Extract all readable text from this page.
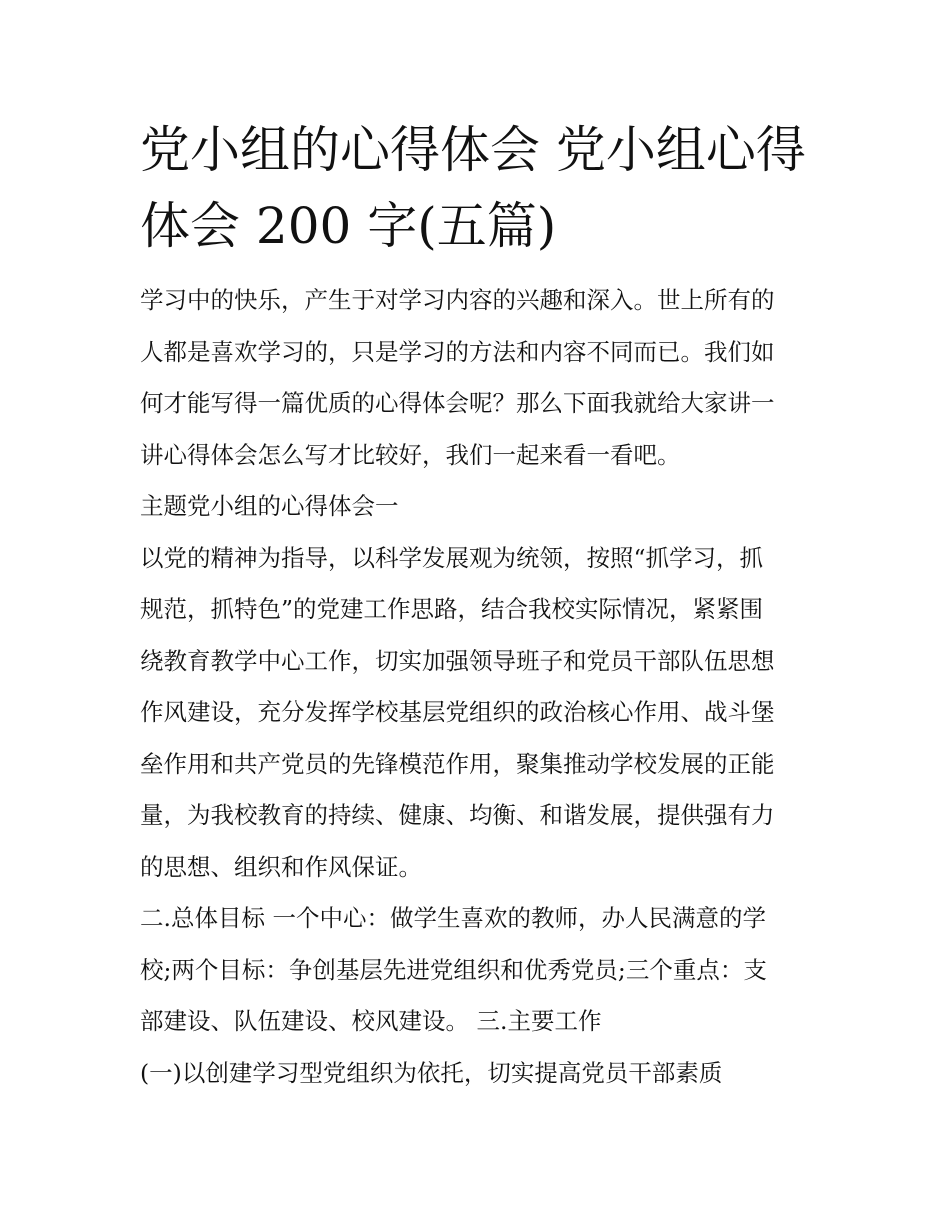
党小组的心得体会 党小组心得
体会 200 字(五篇)

学习中的快乐，产生于对学习内容的兴趣和深入。世上所有的
人都是喜欢学习的，只是学习的方法和内容不同而已。我们如
何才能写得一篇优质的心得体会呢？那么下面我就给大家讲一
讲心得体会怎么写才比较好，我们一起来看一看吧。

主题党小组的心得体会一

以党的精神为指导，以科学发展观为统领，按照“抓学习，抓
规范，抓特色”的党建工作思路，结合我校实际情况，紧紧围
绕教育教学中心工作，切实加强领导班子和党员干部队伍思想
作风建设，充分发挥学校基层党组织的政治核心作用、战斗堡
垒作用和共产党员的先锋模范作用，聚集推动学校发展的正能
量，为我校教育的持续、健康、均衡、和谐发展，提供强有力
的思想、组织和作风保证。

二.总体目标 一个中心：做学生喜欢的教师，办人民满意的学
校;两个目标：争创基层先进党组织和优秀党员;三个重点：支
部建设、队伍建设、校风建设。 三.主要工作

(一)以创建学习型党组织为依托，切实提高党员干部素质
